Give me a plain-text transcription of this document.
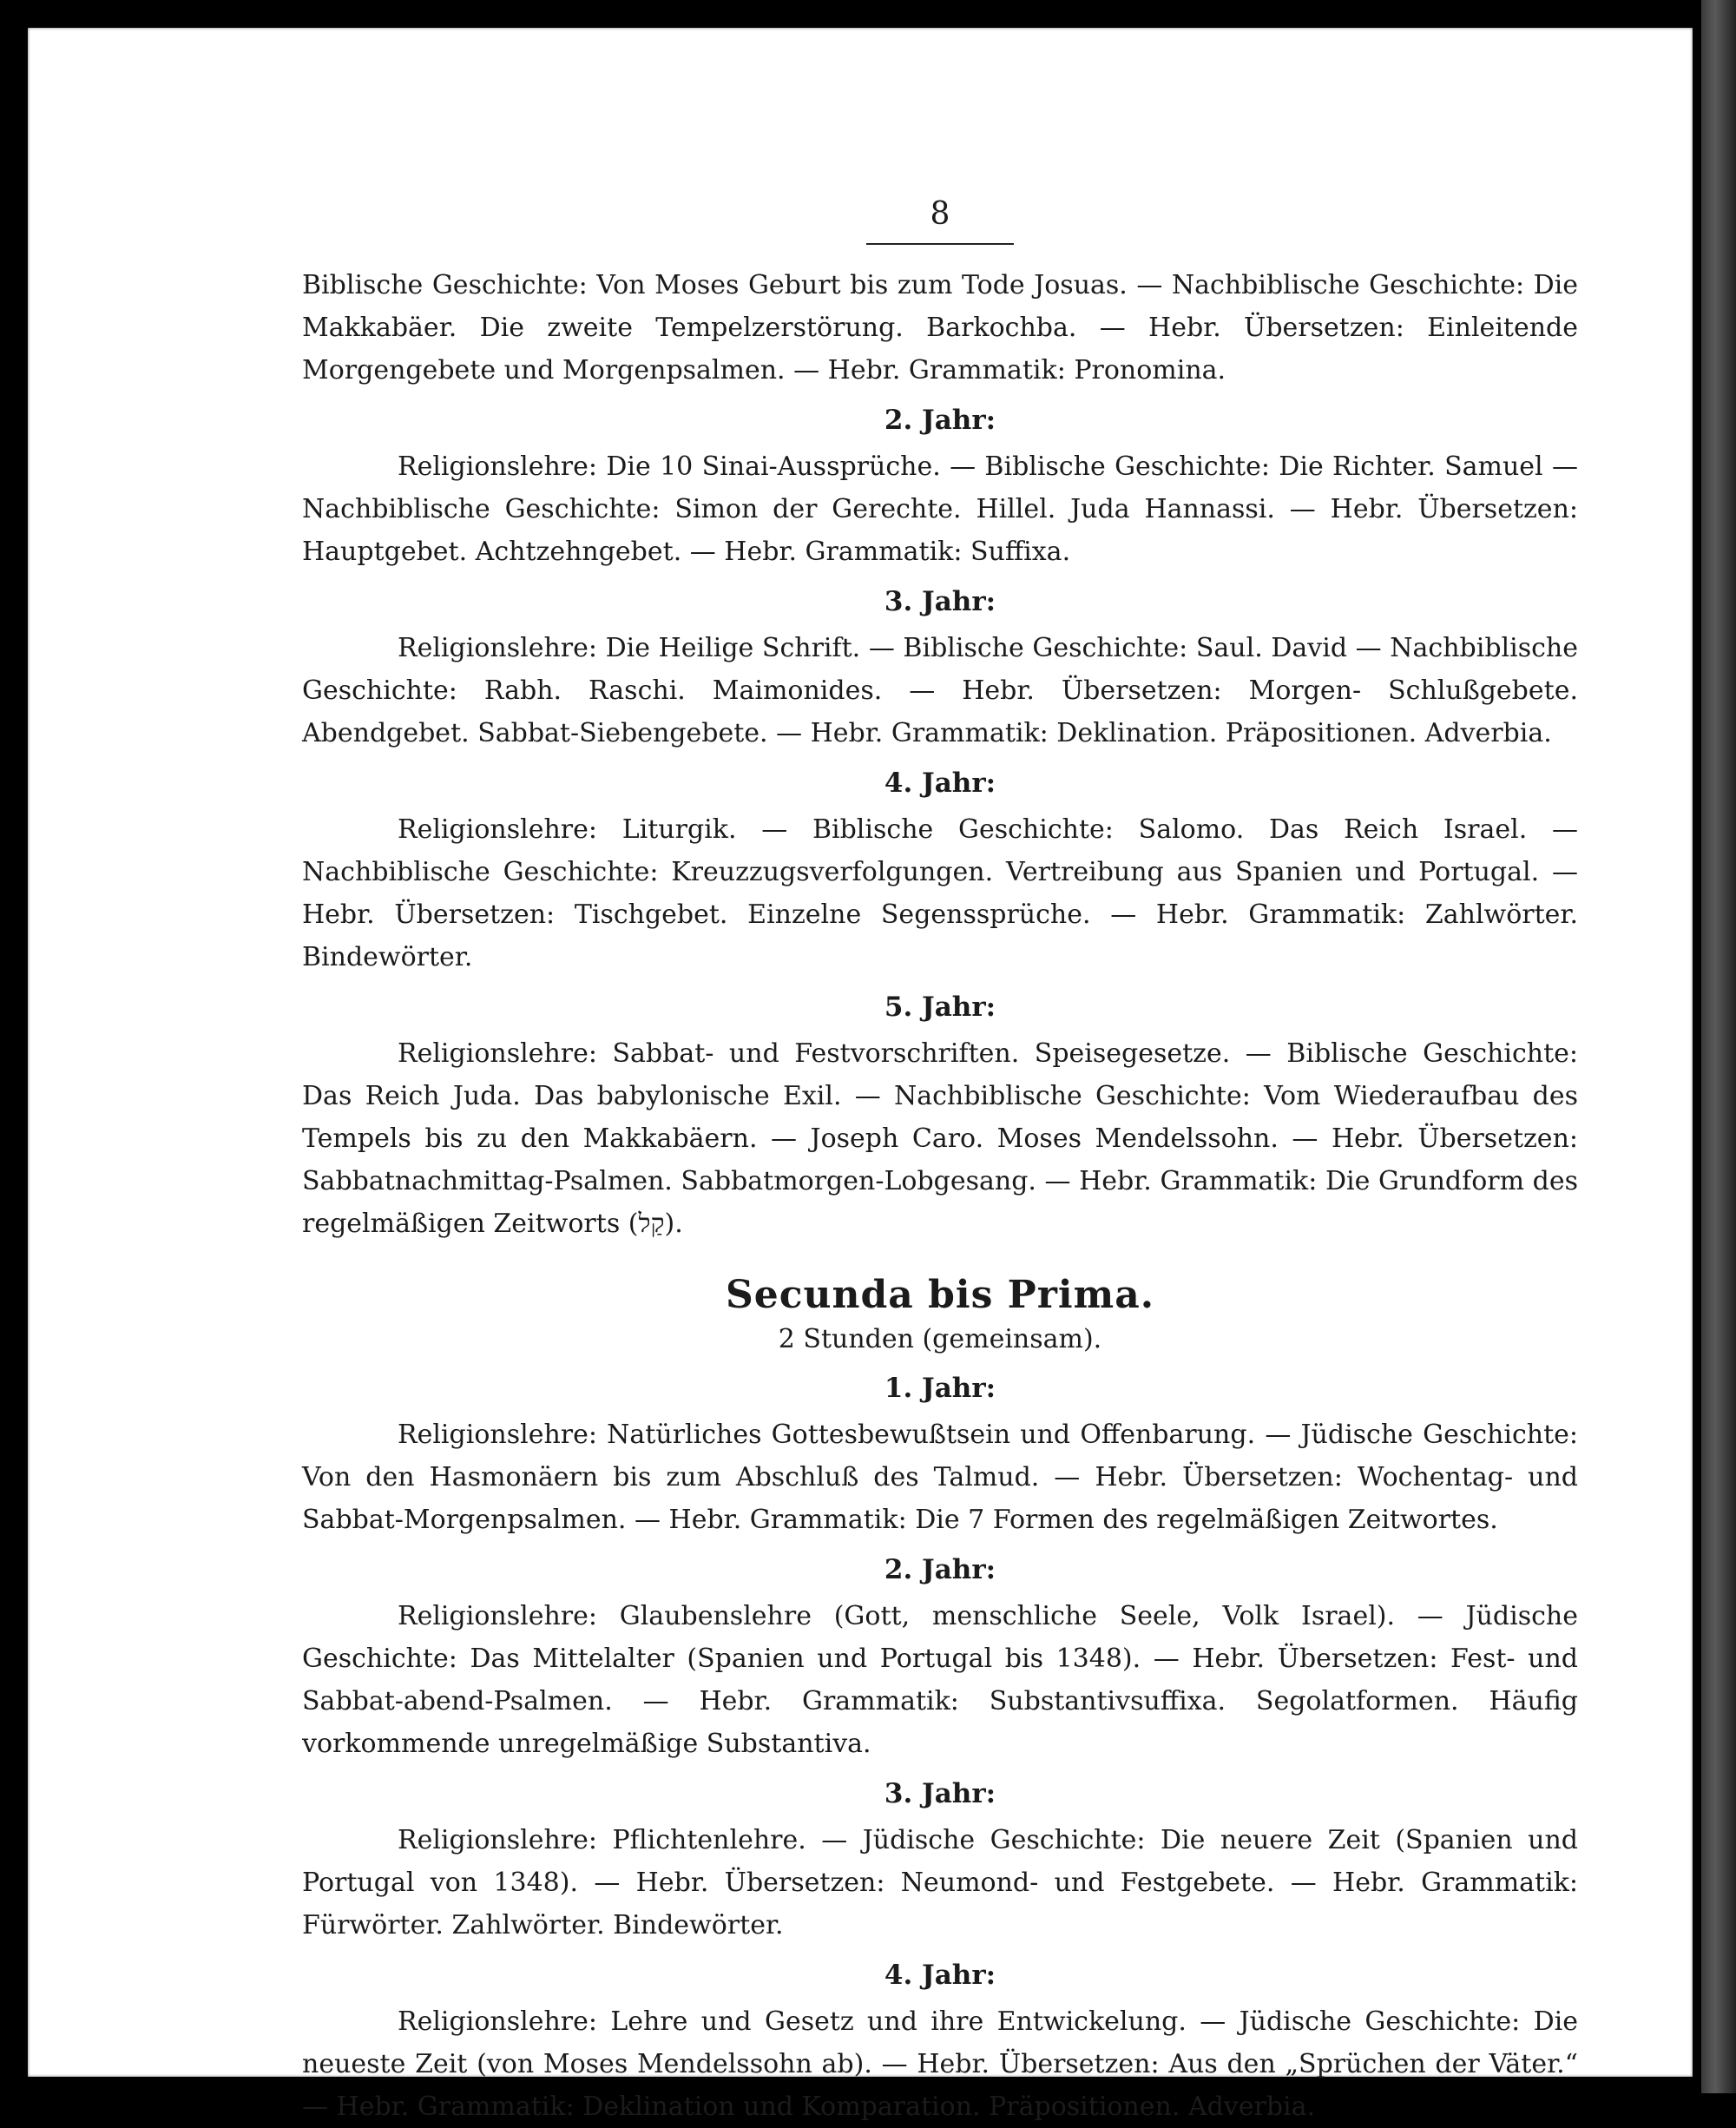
8

Biblische Geschichte: Von Moses Geburt bis zum Tode Josuas. — Nachbiblische Geschichte: Die Makkabäer. Die zweite Tempelzerstörung. Barkochba. — Hebr. Übersetzen: Einleitende Morgengebete und Morgenpsalmen. — Hebr. Grammatik: Pronomina.

2. Jahr:

Religionslehre: Die 10 Sinai-Aussprüche. — Biblische Geschichte: Die Richter. Samuel — Nachbiblische Geschichte: Simon der Gerechte. Hillel. Juda Hannassi. — Hebr. Übersetzen: Hauptgebet. Achtzehngebet. — Hebr. Grammatik: Suffixa.

3. Jahr:

Religionslehre: Die Heilige Schrift. — Biblische Geschichte: Saul. David — Nachbiblische Geschichte: Rabh. Raschi. Maimonides. — Hebr. Übersetzen: Morgen- Schlußgebete. Abendgebet. Sabbat-Siebengebete. — Hebr. Grammatik: Deklination. Präpositionen. Adverbia.

4. Jahr:

Religionslehre: Liturgik. — Biblische Geschichte: Salomo. Das Reich Israel. — Nachbiblische Geschichte: Kreuzzugsverfolgungen. Vertreibung aus Spanien und Portugal. — Hebr. Übersetzen: Tischgebet. Einzelne Segenssprüche. — Hebr. Grammatik: Zahlwörter. Bindewörter.

5. Jahr:

Religionslehre: Sabbat- und Festvorschriften. Speisegesetze. — Biblische Geschichte: Das Reich Juda. Das babylonische Exil. — Nachbiblische Geschichte: Vom Wiederaufbau des Tempels bis zu den Makkabäern. — Joseph Caro. Moses Mendelssohn. — Hebr. Übersetzen: Sabbatnachmittag-Psalmen. Sabbatmorgen-Lobgesang. — Hebr. Grammatik: Die Grundform des regelmäßigen Zeitworts (קַל).

Secunda bis Prima.
2 Stunden (gemeinsam).
1. Jahr:

Religionslehre: Natürliches Gottesbewußtsein und Offenbarung. — Jüdische Geschichte: Von den Hasmonäern bis zum Abschluß des Talmud. — Hebr. Übersetzen: Wochentag- und Sabbat-Morgenpsalmen. — Hebr. Grammatik: Die 7 Formen des regelmäßigen Zeitwortes.

2. Jahr:

Religionslehre: Glaubenslehre (Gott, menschliche Seele, Volk Israel). — Jüdische Geschichte: Das Mittelalter (Spanien und Portugal bis 1348). — Hebr. Übersetzen: Fest- und Sabbat-abend-Psalmen. — Hebr. Grammatik: Substantivsuffixa. Segolatformen. Häufig vorkommende unregelmäßige Substantiva.

3. Jahr:

Religionslehre: Pflichtenlehre. — Jüdische Geschichte: Die neuere Zeit (Spanien und Portugal von 1348). — Hebr. Übersetzen: Neumond- und Festgebete. — Hebr. Grammatik: Fürwörter. Zahlwörter. Bindewörter.

4. Jahr:

Religionslehre: Lehre und Gesetz und ihre Entwickelung. — Jüdische Geschichte: Die neueste Zeit (von Moses Mendelssohn ab). — Hebr. Übersetzen: Aus den „Sprüchen der Väter.“ — Hebr. Grammatik: Deklination und Komparation. Präpositionen. Adverbia.
